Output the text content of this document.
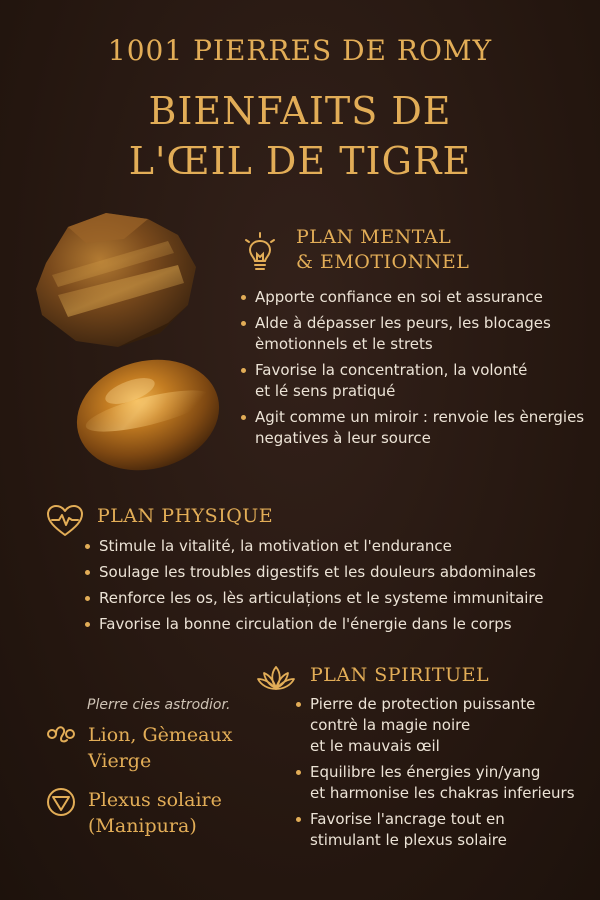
1001 PIERRES DE ROMY
BIENFAITS DE
L'ŒIL DE TIGRE
PLAN MENTAL
& EMOTIONNEL
Apporte confiance en soi et assurance
Alde à dépasser les peurs, les blocages
èmotionnels et le strets
Favorise la concentration, la volonté
et lé sens pratiqué
Agit comme un miroir : renvoie les ènergies
negatives à leur source
PLAN PHYSIQUE
Stimule la vitalité, la motivation et l'endurance
Soulage les troubles digestifs et les douleurs abdominales
Renforce les os, lès articulațions et le systeme immunitaire
Favorise la bonne circulation de l'énergie dans le corps
PLAN SPIRITUEL
Pierre de protection puissante
contrè la magie noire
et le mauvais œil
Equilibre les énergies yin/yang
et harmonise les chakras inferieurs
Favorise l'ancrage tout en
stimulant le plexus solaire
Plerre cies astrodior.
Lion, Gèmeaux
Vierge
Plexus solaire
(Manipura)
